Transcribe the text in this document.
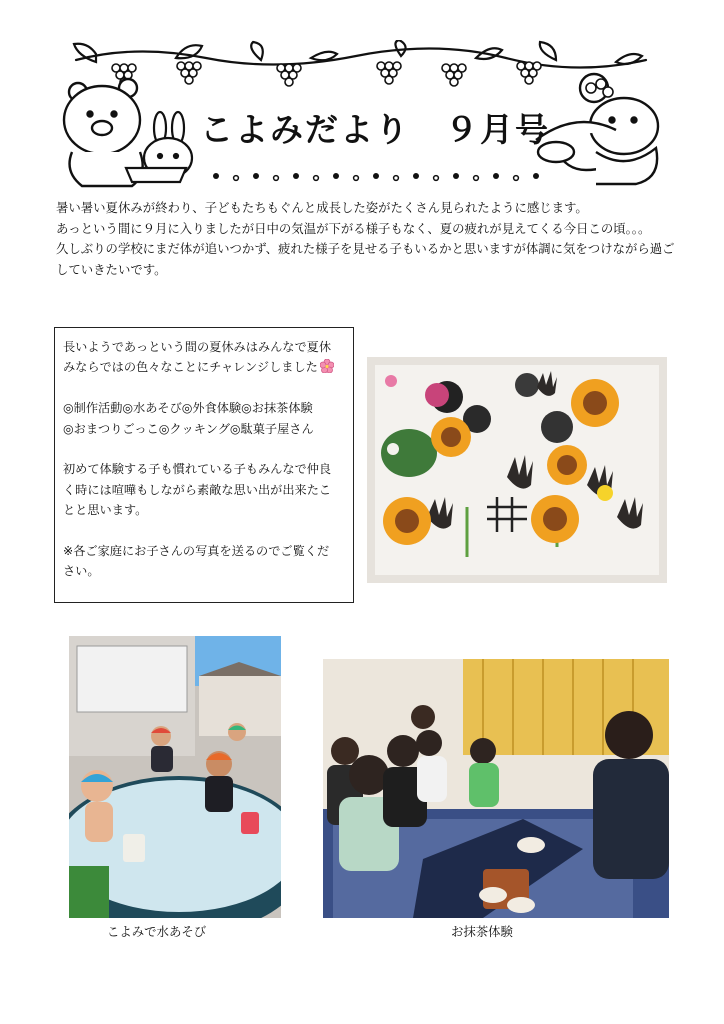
こよみだより　９月号

暑い暑い夏休みが終わり、子どもたちもぐんと成長した姿がたくさん見られたように感じます。

あっという間に９月に入りましたが日中の気温が下がる様子もなく、夏の疲れが見えてくる今日この頃。。。

久しぶりの学校にまだ体が追いつかず、疲れた様子を見せる子もいるかと思いますが体調に気をつけながら過ご

していきたいです。

長いようであっという間の夏休みはみんなで夏休

みならではの色々なことにチャレンジしました

◎制作活動◎水あそび◎外食体験◎お抹茶体験

◎おまつりごっこ◎クッキング◎駄菓子屋さん

初めて体験する子も慣れている子もみんなで仲良

く時には喧嘩もしながら素敵な思い出が出来たこ

とと思います。

※各ご家庭にお子さんの写真を送るのでご覧くだ

さい。

こよみで水あそび	お抹茶体験
